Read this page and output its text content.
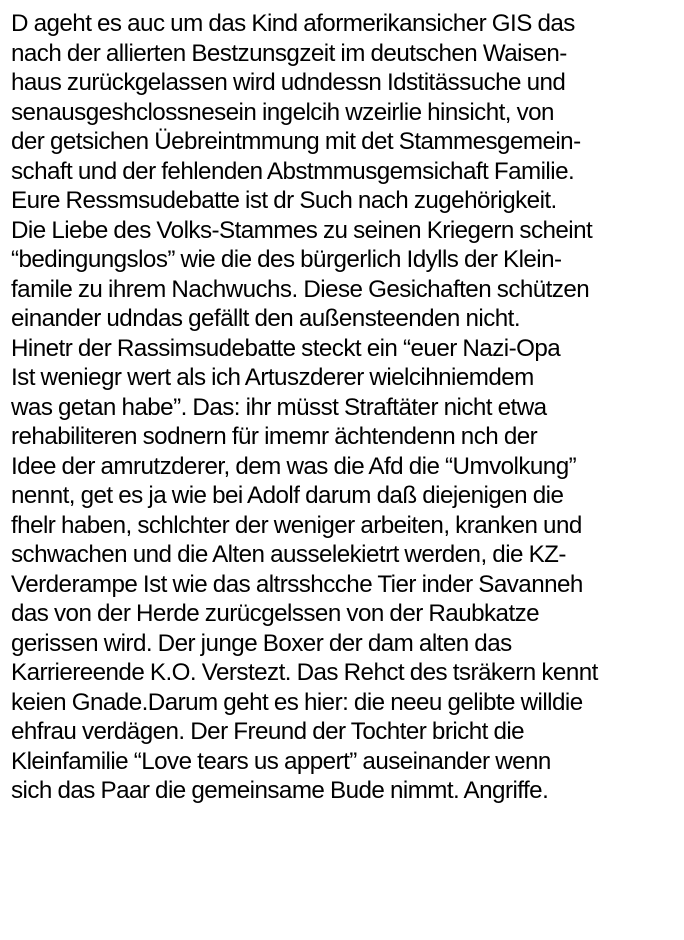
D ageht es auc um das Kind aformerikansicher GIS das
nach der allierten Bestzunsgzeit im deutschen Waisen-
haus zurückgelassen wird udndessn Idstitässuche und
senausgeshclossnesein ingelcih wzeirlie hinsicht, von
der getsichen Üebreintmmung mit det Stammesgemein-
schaft und der fehlenden Abstmmusgemsichaft Familie.
Eure Ressmsudebatte ist dr Such nach zugehörigkeit.
Die Liebe des Volks-Stammes zu seinen Kriegern scheint
“bedingungslos” wie die des bürgerlich Idylls der Klein-
famile zu ihrem Nachwuchs. Diese Gesichaften schützen
einander udndas gefällt den außensteenden nicht.
Hinetr der Rassimsudebatte steckt ein “euer Nazi-Opa
Ist weniegr wert als ich Artuszderer wielcihniemdem
was getan habe”. Das: ihr müsst Straftäter nicht etwa
rehabiliteren sodnern für imemr ächtendenn nch der
Idee der amrutzderer, dem was die Afd die “Umvolkung”
nennt, get es ja wie bei Adolf darum daß diejenigen die
fhelr haben, schlchter der weniger arbeiten, kranken und
schwachen und die Alten ausselekietrt werden, die KZ-
Verderampe Ist wie das altrsshcche Tier inder Savanneh
das von der Herde zurücgelssen von der Raubkatze
gerissen wird. Der junge Boxer der dam alten das
Karriereende K.O. Verstezt. Das Rehct des tsräkern kennt
keien Gnade.Darum geht es hier: die neeu gelibte willdie
ehfrau verdägen. Der Freund der Tochter bricht die
Kleinfamilie “Love tears us appert” auseinander wenn
sich das Paar die gemeinsame Bude nimmt. Angriffe.
